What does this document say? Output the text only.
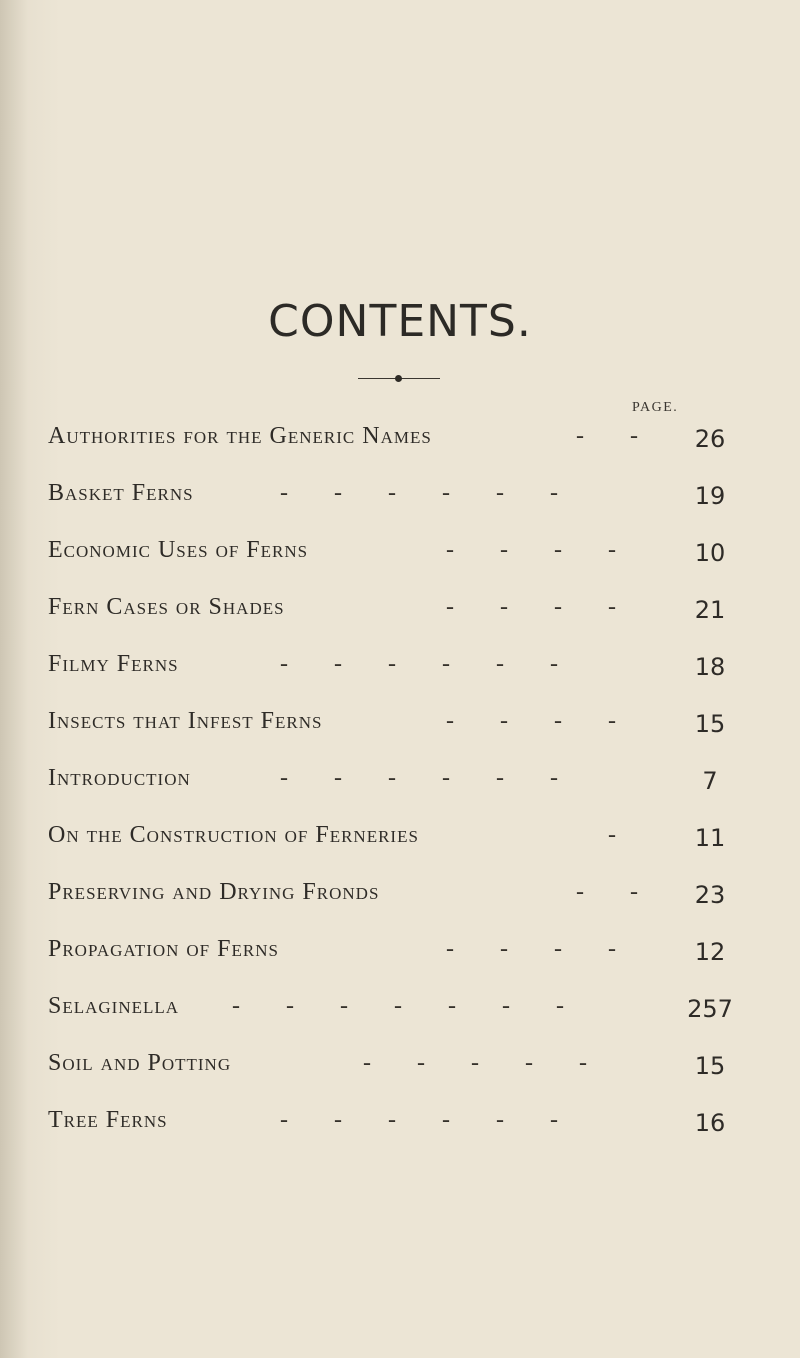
CONTENTS.
PAGE.
Authorities for the Generic Names	- -	26
Basket Ferns	- - - - - -	19
Economic Uses of Ferns	- - - -	10
Fern Cases or Shades	- - - -	21
Filmy Ferns	- - - - - -	18
Insects that Infest Ferns	- - - -	15
Introduction	- - - - - -	7
On the Construction of Ferneries	-	11
Preserving and Drying Fronds	- -	23
Propagation of Ferns	- - - -	12
Selaginella - - - - - - -	257
Soil and Potting	- - - - -	15
Tree Ferns	- - - - - -	16
